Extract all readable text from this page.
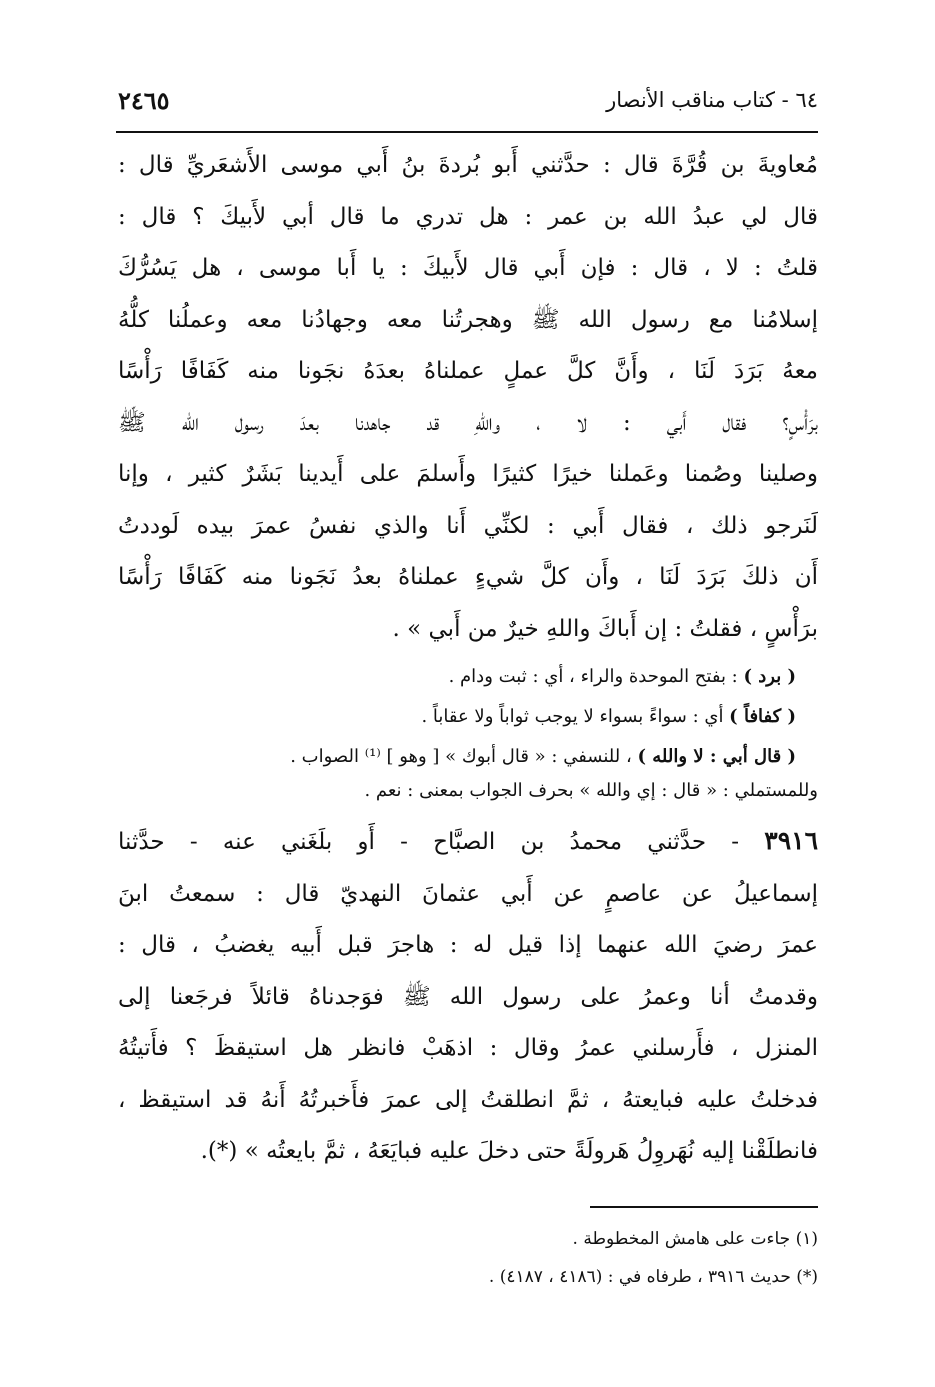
٦٤ - كتاب مناقب الأنصار
٢٤٦٥

مُعاويةَ بن قُرَّةَ قال : حدَّثني أَبو بُردةَ بنُ أَبي موسى الأَشعَريِّ قال :
قال لي عبدُ الله بن عمر : هل تدري ما قال أبي لأَبيكَ ؟ قال :
قلتُ : لا ، قال : فإن أَبي قال لأَبيكَ : يا أَبا موسى ، هل يَسُرُّكَ
إسلامُنا مع رسول الله ﷺ وهجرتُنا معه وجهادُنا معه وعملُنا كلُّهُ
معهُ بَرَدَ لَنَا ، وأَنَّ كلَّ عملٍ عملناهُ بعدَهُ نجَونا منه كَفَافًا رَأْسًا
برَأْسٍ؟ فقال أَبي : لا ، واللهِ قد جاهدنا بعدَ رسول الله ﷺ
وصلينا وصُمنا وعَملنا خيرًا كثيرًا وأَسلمَ على أَيدينا بَشَرٌ كثير ، وإنا
لَنَرجو ذلك ، فقال أَبي : لكنِّي أَنا والذي نفسُ عمرَ بيده لَوددتُ
أَن ذلكَ بَرَدَ لَنَا ، وأَن كلَّ شيءٍ عملناهُ بعدُ نَجَونا منه كَفَافًا رَأْسًا
برَأْسٍ ، فقلتُ : إن أَباكَ واللهِ خيرٌ من أَبي » .

( برد ) : بفتح الموحدة والراء ، أي : ثبت ودام .
( كفافاً ) أي : سواءً بسواء لا يوجب ثواباً ولا عقاباً .
( قال أبي : لا والله ) ، للنسفي : « قال أبوك » [ وهو ] ⁽¹⁾ الصواب .
وللمستملي : « قال : إي والله » بحرف الجواب بمعنى : نعم .

٣٩١٦ - حدَّثني محمدُ بن الصبَّاح - أَو بلَغَني عنه - حدَّثنا
إسماعيلُ عن عاصمٍ عن أَبي عثمانَ النهديّ قال : سمعتُ ابنَ
عمرَ رضيَ الله عنهما إذا قيل له : هاجرَ قبل أَبيه يغضبُ ، قال :
وقدمتُ أنا وعمرُ على رسول الله ﷺ فوَجدناهُ قائلاً فرجَعنا إلى
المنزل ، فأَرسلني عمرُ وقال : اذهَبْ فانظر هل استيقظَ ؟ فأَتيتُهُ
فدخلتُ عليه فبايعتهُ ، ثمَّ انطلقتُ إلى عمرَ فأَخبرتُهُ أَنهُ قد استيقظ ،
فانطلَقْنا إليه نُهَروِلُ هَرولَةً حتى دخلَ عليه فبايَعَهُ ، ثمَّ بايعتُه » (*).

(١) جاءت على هامش المخطوطة .
(*) حديث ٣٩١٦ ، طرفاه في : (٤١٨٦ ، ٤١٨٧) .
